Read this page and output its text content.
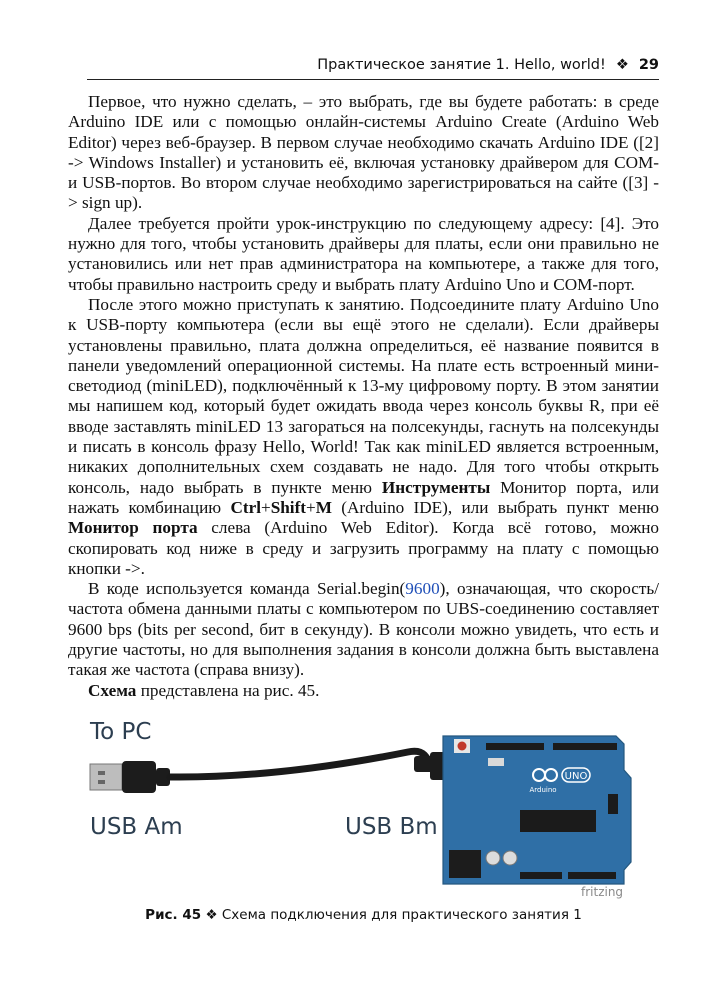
Практическое занятие 1. Hello, world! ❖ 29

Первое, что нужно сделать, – это выбрать, где вы будете работать: в среде Arduino IDE или с помощью онлайн-системы Arduino Create (Arduino Web Editor) через веб-браузер. В первом случае необходимо скачать Arduino IDE ([2] -> Windows Installer) и установить её, включая установку драйвером для COM- и USB-портов. Во втором случае необходимо зарегистрироваться на сайте ([3] -> sign up).

Далее требуется пройти урок-инструкцию по следующему адресу: [4]. Это нужно для того, чтобы установить драйверы для платы, если они правильно не установились или нет прав администратора на компьютере, а также для того, чтобы правильно настроить среду и выбрать плату Arduino Uno и COM-порт.

После этого можно приступать к занятию. Подсоедините плату Arduino Uno к USB-порту компьютера (если вы ещё этого не сделали). Если драйверы установлены правильно, плата должна определиться, её название появится в панели уведомлений операционной системы. На плате есть встроенный мини-светодиод (miniLED), подключённый к 13-му цифровому порту. В этом занятии мы напишем код, который будет ожидать ввода через консоль буквы R, при её вводе заставлять miniLED 13 загораться на полсекунды, гаснуть на полсекунды и писать в консоль фразу Hello, World! Так как miniLED является встроенным, никаких дополнительных схем создавать не надо. Для того чтобы открыть консоль, надо выбрать в пункте меню Инструменты Монитор порта, или нажать комбинацию Ctrl+Shift+M (Arduino IDE), или выбрать пункт меню Монитор порта слева (Arduino Web Editor). Когда всё готово, можно скопировать код ниже в среду и загрузить программу на плату с помощью кнопки ->.

В коде используется команда Serial.begin(9600), означающая, что скорость/частота обмена данными платы с компьютером по UBS-соединению составляет 9600 bps (bits per second, бит в секунду). В консоли можно увидеть, что есть и другие частоты, но для выполнения задания в консоли должна быть выставлена такая же частота (справа внизу).

Схема представлена на рис. 45.

To PC
USB Am	USB Bm
UNO
Arduino
fritzing
Рис. 45 ❖ Схема подключения для практического занятия 1
